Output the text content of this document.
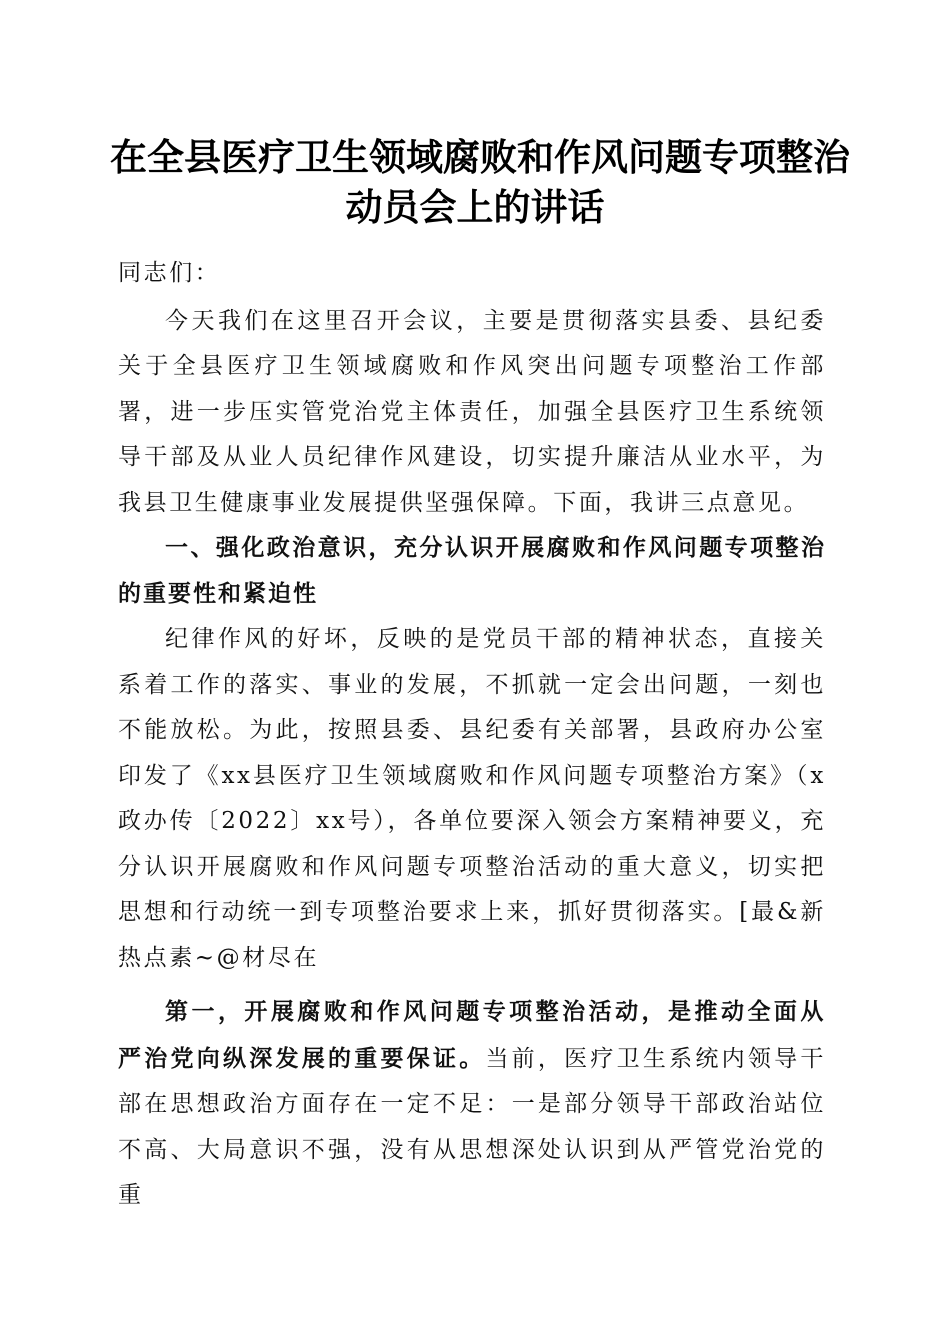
在全县医疗卫生领域腐败和作风问题专项整治
动员会上的讲话

同志们：

今天我们在这里召开会议，主要是贯彻落实县委、县纪委关于全县医疗卫生领域腐败和作风突出问题专项整治工作部署，进一步压实管党治党主体责任，加强全县医疗卫生系统领导干部及从业人员纪律作风建设，切实提升廉洁从业水平，为我县卫生健康事业发展提供坚强保障。下面，我讲三点意见。

一、强化政治意识，充分认识开展腐败和作风问题专项整治的重要性和紧迫性

纪律作风的好坏，反映的是党员干部的精神状态，直接关系着工作的落实、事业的发展，不抓就一定会出问题，一刻也不能放松。为此，按照县委、县纪委有关部署，县政府办公室印发了《xx县医疗卫生领域腐败和作风问题专项整治方案》（x政办传〔2022〕xx号），各单位要深入领会方案精神要义，充分认识开展腐败和作风问题专项整治活动的重大意义，切实把思想和行动统一到专项整治要求上来，抓好贯彻落实。[最&新热点素~@材尽在

第一，开展腐败和作风问题专项整治活动，是推动全面从严治党向纵深发展的重要保证。当前，医疗卫生系统内领导干部在思想政治方面存在一定不足：一是部分领导干部政治站位不高、大局意识不强，没有从思想深处认识到从严管党治党的重
